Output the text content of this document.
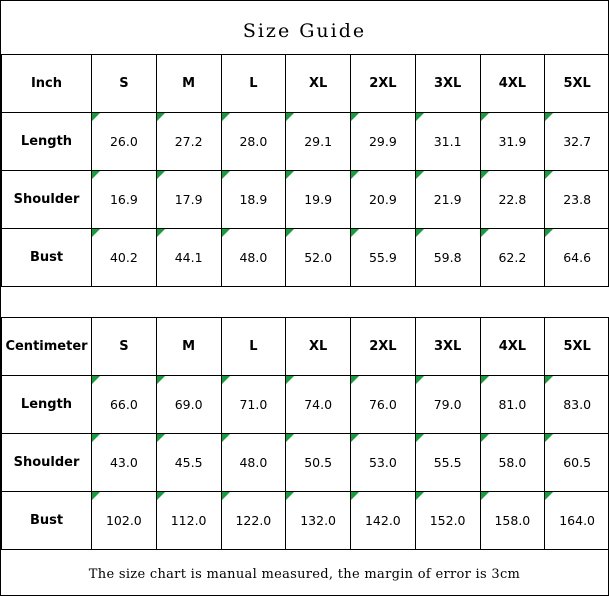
Size Guide
Inch	S	M	L	XL	2XL	3XL	4XL	5XL
Length	26.0	27.2	28.0	29.1	29.9	31.1	31.9	32.7
Shoulder	16.9	17.9	18.9	19.9	20.9	21.9	22.8	23.8
Bust	40.2	44.1	48.0	52.0	55.9	59.8	62.2	64.6
Centimeter	S	M	L	XL	2XL	3XL	4XL	5XL
Length	66.0	69.0	71.0	74.0	76.0	79.0	81.0	83.0
Shoulder	43.0	45.5	48.0	50.5	53.0	55.5	58.0	60.5
Bust	102.0	112.0	122.0	132.0	142.0	152.0	158.0	164.0
The size chart is manual measured, the margin of error is 3cm
